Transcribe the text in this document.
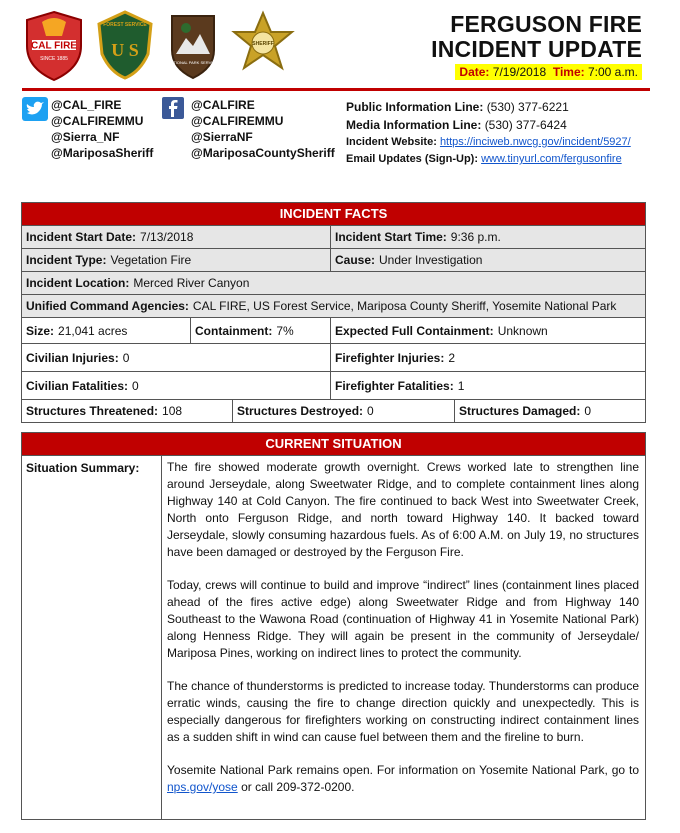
CAL FIRE
SINCE 1885
FOREST SERVICE
U S
NATIONAL PARK SERVICE
SHERIFF
FERGUSON FIRE
INCIDENT UPDATE
Date: 7/19/2018 Time: 7:00 a.m.
@CAL_FIRE
@CALFIREMMU
@Sierra_NF
@MariposaSheriff
@CALFIRE
@CALFIREMMU
@SierraNF
@MariposaCountySheriff
Public Information Line: (530) 377-6221
Media Information Line: (530) 377-6424
Incident Website: https://inciweb.nwcg.gov/incident/5927/
Email Updates (Sign-Up): www.tinyurl.com/fergusonfire
INCIDENT FACTS
Incident Start Date: 7/13/2018	Incident Start Time: 9:36 p.m.
Incident Type: Vegetation Fire	Cause: Under Investigation
Incident Location: Merced River Canyon
Unified Command Agencies: CAL FIRE, US Forest Service, Mariposa County Sheriff, Yosemite National Park
Size: 21,041 acres	Containment: 7%	Expected Full Containment: Unknown
Civilian Injuries: 0	Firefighter Injuries: 2
Civilian Fatalities: 0	Firefighter Fatalities: 1
Structures Threatened: 108	Structures Destroyed: 0	Structures Damaged: 0
CURRENT SITUATION
Situation Summary:	The fire showed moderate growth overnight. Crews worked late to strengthen line around Jerseydale, along Sweetwater Ridge, and to complete containment lines along Highway 140 at Cold Canyon. The fire continued to back West into Sweetwater Creek, North onto Ferguson Ridge, and north toward Highway 140. It backed toward Jerseydale, slowly consuming hazardous fuels. As of 6:00 A.M. on July 19, no structures have been damaged or destroyed by the Ferguson Fire.

Today, crews will continue to build and improve “indirect” lines (containment lines placed ahead of the fires active edge) along Sweetwater Ridge and from Highway 140 Southeast to the Wawona Road (continuation of Highway 41 in Yosemite National Park) along Henness Ridge. They will again be present in the community of Jerseydale/ Mariposa Pines, working on indirect lines to protect the community.

The chance of thunderstorms is predicted to increase today. Thunderstorms can produce erratic winds, causing the fire to change direction quickly and unexpectedly. This is especially dangerous for firefighters working on constructing indirect containment lines as a sudden shift in wind can cause fuel between them and the fireline to burn.

Yosemite National Park remains open. For information on Yosemite National Park, go to nps.gov/yose or call 209-372-0200.
